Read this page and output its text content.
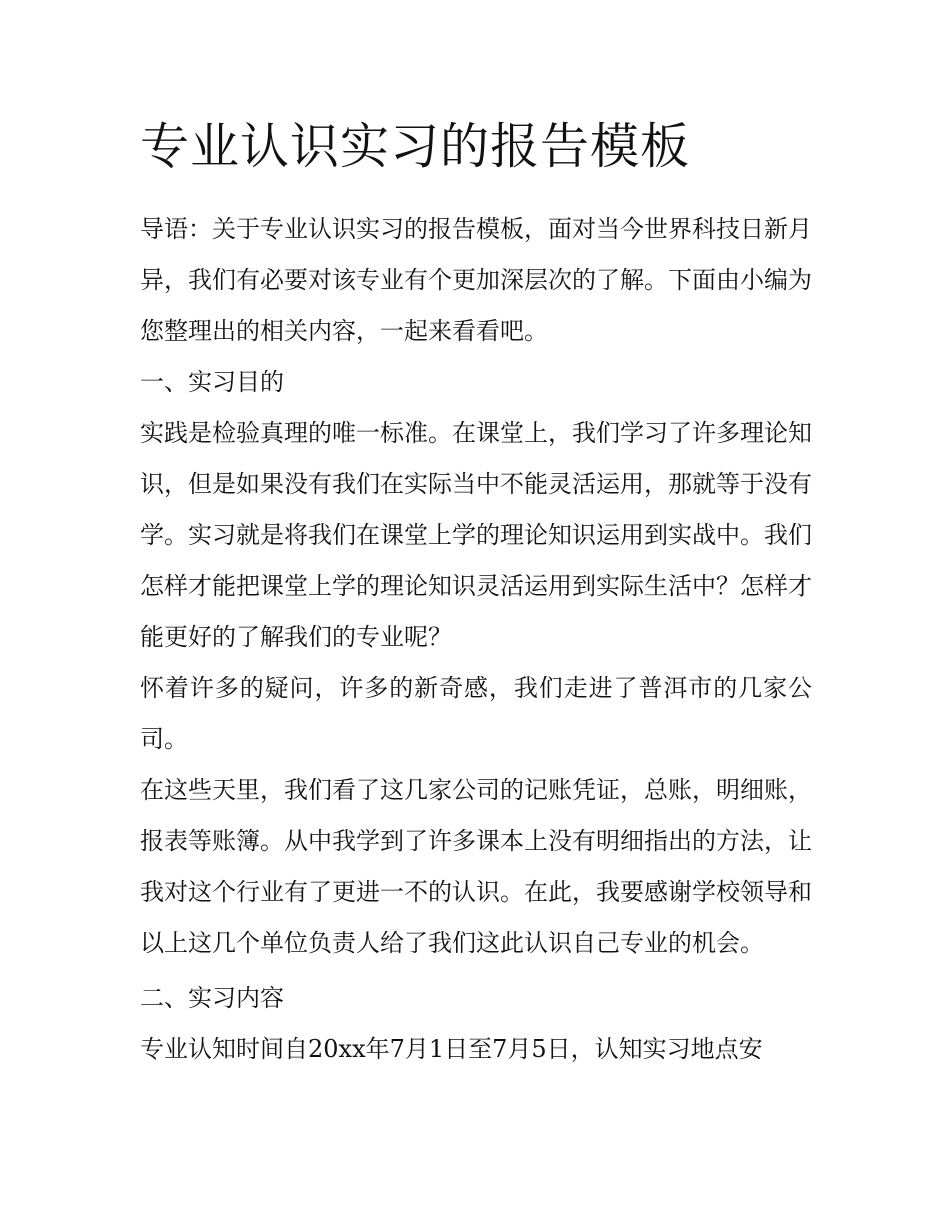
专业认识实习的报告模板

导语：关于专业认识实习的报告模板，面对当今世界科技日新月异，我们有必要对该专业有个更加深层次的了解。下面由小编为您整理出的相关内容，一起来看看吧。

一、实习目的

实践是检验真理的唯一标准。在课堂上，我们学习了许多理论知识，但是如果没有我们在实际当中不能灵活运用，那就等于没有学。实习就是将我们在课堂上学的理论知识运用到实战中。我们怎样才能把课堂上学的理论知识灵活运用到实际生活中？怎样才能更好的了解我们的专业呢？

怀着许多的疑问，许多的新奇感，我们走进了普洱市的几家公司。

在这些天里，我们看了这几家公司的记账凭证，总账，明细账，报表等账簿。从中我学到了许多课本上没有明细指出的方法，让我对这个行业有了更进一不的认识。在此，我要感谢学校领导和以上这几个单位负责人给了我们这此认识自己专业的机会。

二、实习内容

专业认知时间自20xx年7月1日至7月5日，认知实习地点安
